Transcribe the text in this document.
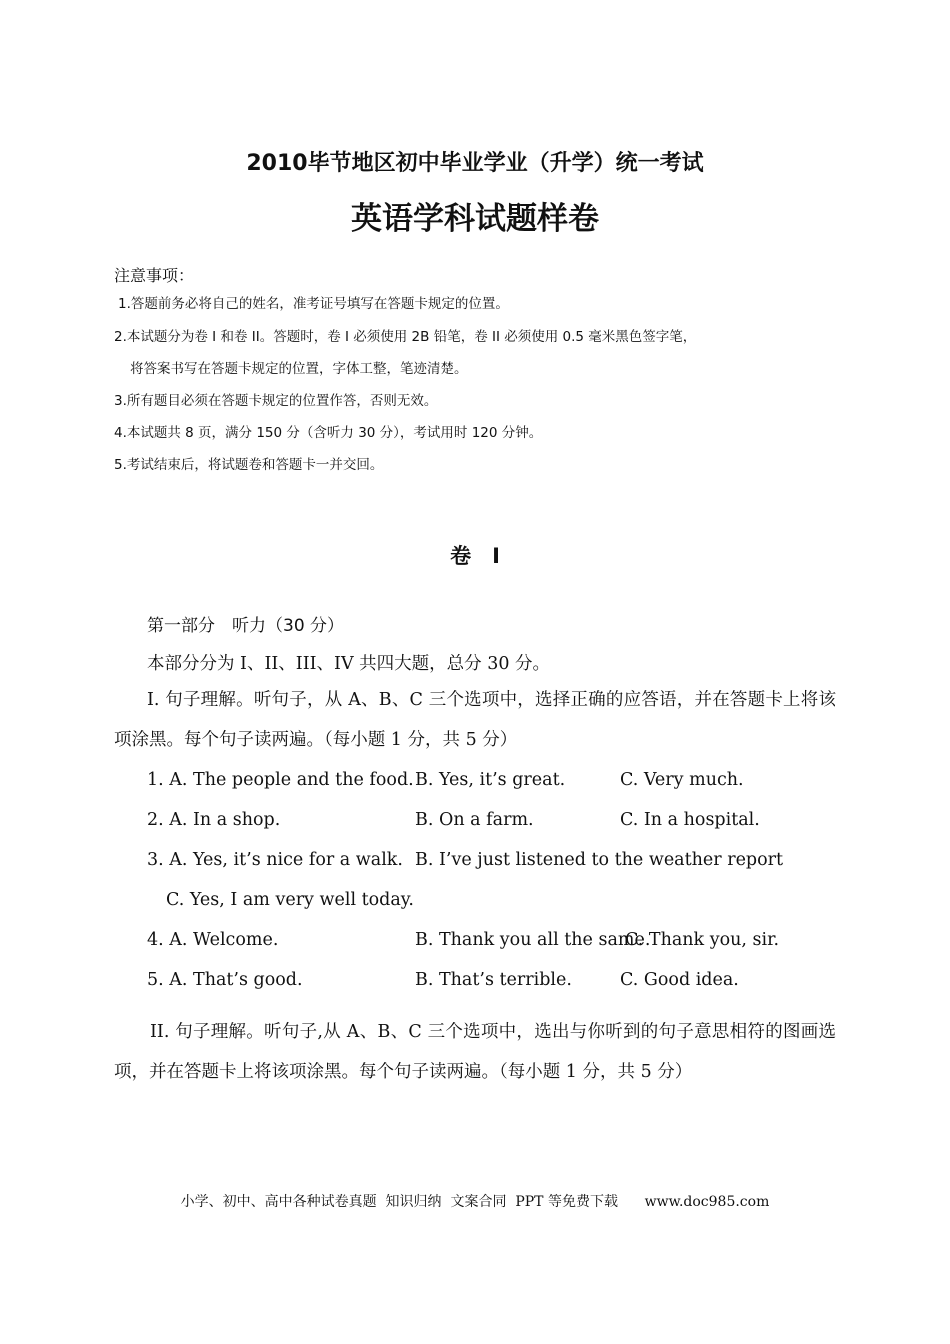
2010毕节地区初中毕业学业（升学）统一考试
英语学科试题样卷
注意事项：
1.答题前务必将自己的姓名，准考证号填写在答题卡规定的位置。
2.本试题分为卷 I 和卷 II。答题时，卷 I 必须使用 2B 铅笔，卷 II 必须使用 0.5 毫米黑色签字笔，
将答案书写在答题卡规定的位置，字体工整，笔迹清楚。
3.所有题目必须在答题卡规定的位置作答，否则无效。
4.本试题共 8 页，满分 150 分（含听力 30 分），考试用时 120 分钟。
5.考试结束后，将试题卷和答题卡一并交回。
卷　I
第一部分　听力（30 分）
本部分分为 I、II、III、IV 共四大题，总分 30 分。
I. 句子理解。听句子，从 A、B、C 三个选项中，选择正确的应答语，并在答题卡上将该项涂黑。每个句子读两遍。（每小题 1 分，共 5 分）
1. A. The people and the food. B. Yes, it’s great.	C. Very much.
2. A. In a shop.	B. On a farm.	C. In a hospital.
3. A. Yes, it’s nice for a walk. B. I’ve just listened to the weather report
C. Yes, I am very well today.
4. A. Welcome.	B. Thank you all the same.
C. Thank you, sir.
5. A. That’s good.	B. That’s terrible.	C. Good idea.
II. 句子理解。听句子,从 A、B、C 三个选项中，选出与你听到的句子意思相符的图画选项，并在答题卡上将该项涂黑。每个句子读两遍。（每小题 1 分，共 5 分）
小学、初中、高中各种试卷真题  知识归纳  文案合同  PPT 等免费下载      www.doc985.com
